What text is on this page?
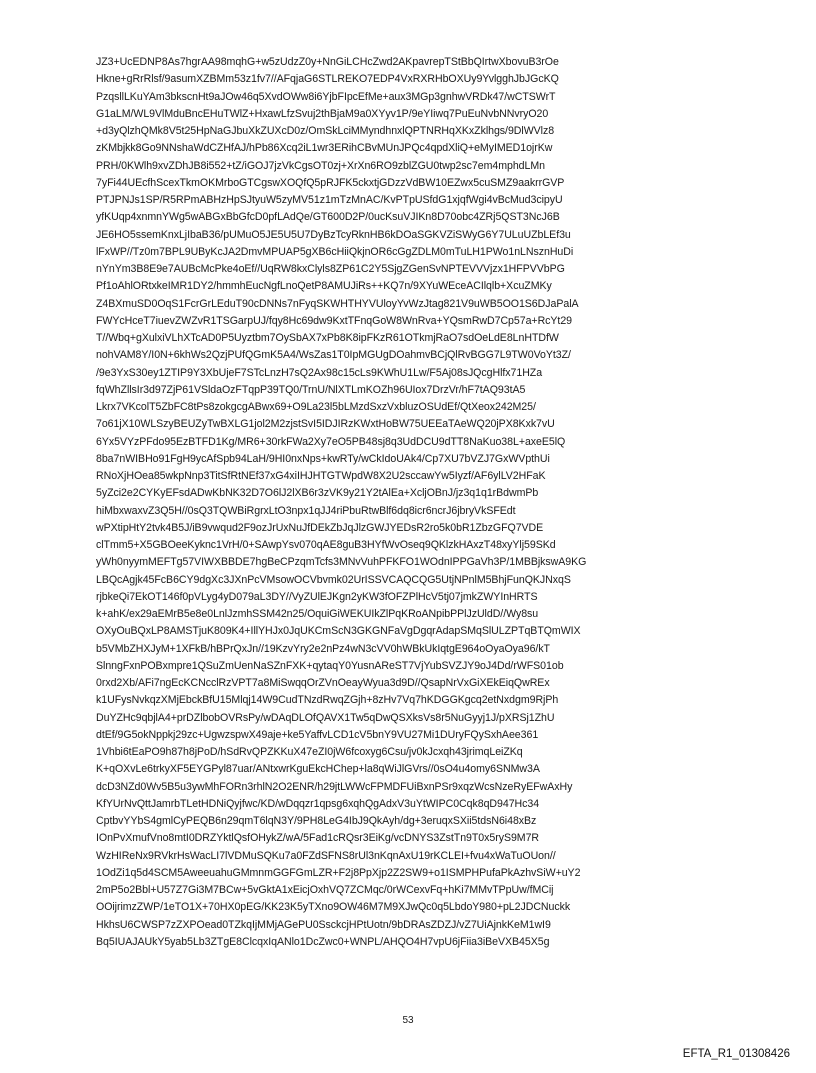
JZ3+UcEDNP8As7hgrAA98mqhG+w5zUdzZ0y+NnGiLCHcZwd2AKpavrepTStBbQIrtwXbovuB3rOe
Hkne+gRrRlsf/9asumXZBMm53z1fv7//AFqjaG6STLREKO7EDP4VxRXRHbOXUy9YvlgghJbJGcKQ
PzqsllLKuYAm3bkscnHt9aJOw46q5XvdOWw8i6YjbFIpcEfMe+aux3MGp3gnhwVRDk47/wCTSWrT
G1aLM/WL9VlMduBncEHuTWlZ+HxawLfzSvuj2thBjaM9a0XYyv1P/9eYIiwq7PuEuNvbNNvryO20
+d3yQlzhQMk8V5t25HpNaGJbuXkZUXcD0z/OmSkLciMMyndhnxlQPTNRHqXKxZklhgs/9DlWVlz8
zKMbjkk8Go9NNshaWdCZHfAJ/hPb86Xcq2iL1wr3ERihCBvMUnJPQc4qpdXliQ+eMyIMED1ojrKw
PRH/0KWlh9xvZDhJB8i552+tZ/iGOJ7jzVkCgsOT0zj+XrXn6RO9zblZGU0twp2sc7em4mphdLMn
7yFi44UEcfhScexTkmOKMrboGTCgswXOQfQ5pRJFK5ckxtjGDzzVdBW10EZwx5cuSMZ9aakrrGVP
PTJPNJs1SP/R5RPmABHzHpSJtyuW5zyMV51z1mTzMnAC/KvPTpUSfdG1xjqfWgi4vBcMud3cipyU
yfKUqp4xnmnYWg5wABGxBbGfcD0pfLAdQe/GT600D2P/0ucKsuVJIKn8D70obc4ZRj5QST3NcJ6B
JE6HO5ssemKnxLjIbaB36/pUMuO5JE5U5U7DyBzTcyRknHB6kDOaSGKVZiSWyG6Y7ULuUZbLEf3u
lFxWP//Tz0m7BPL9UByKcJA2DmvMPUAP5gXB6cHiiQkjnOR6cGgZDLM0mTuLH1PWo1nLNsznHuDi
nYnYm3B8E9e7AUBcMcPke4oEf//UqRW8kxClyls8ZP61C2Y5SjgZGenSvNPTEVVVjzx1HFPVVbPG
Pf1oAhlORtxkeIMR1DY2/hmmhEucNgfLnoQetP8AMUJiRs++KQ7n/9XYuWEceACIlqlb+XcuZMKy
Z4BXmuSD0OqS1FcrGrLEduT90cDNNs7nFyqSKWHTHYVUloyYvWzJtag821V9uWB5OO1S6DJaPalA
FWYcHceT7iuevZWZvR1TSGarpUJ/fqy8Hc69dw9KxtTFnqGoW8WnRva+YQsmRwD7Cp57a+RcYt29
T//Wbq+gXulxiVLhXTcAD0P5Uyztbm7OySbAX7xPb8K8ipFKzR61OTkmjRaO7sdOeLdE8LnHTDfW
nohVAM8Y/I0N+6khWs2QzjPUfQGmK5A4/WsZas1T0IpMGUgDOahmvBCjQlRvBGG7L9TW0VoYt3Z/
/9e3YxS30ey1ZTIP9Y3XbUjeF7STcLnzH7sQ2Ax98c15cLs9KWhU1Lw/F5Aj08sJQcgHlfx71HZa
fqWhZllsIr3d97ZjP61VSldaOzFTqpP39TQ0/TrnU/NlXTLmKOZh96UIox7DrzVr/hF7tAQ93tA5
Lkrx7VKcolT5ZbFC8tPs8zokgcgABwx69+O9La23l5bLMzdSxzVxbluzOSUdEf/QtXeox242M25/
7o61jX10WLSzyBEUZyTwBXLG1jol2M2zjstSvI5IDJIRzKWxtHoBW75UEEaTAeWQ20jPX8Kxk7vU
6Yx5VYzPFdo95EzBTFD1Kg/MR6+30rkFWa2Xy7eO5PB48sj8q3UdDCU9dTT8NaKuo38L+axeE5lQ
8ba7nWIBHo91FgH9ycAfSpb94LaH/9HI0nxNps+kwRTy/wCkIdoUAk4/Cp7XU7bVZJ7GxWVpthUi
RNoXjHOea85wkpNnp3TitSfRtNEf37xG4xiIHJHTGTWpdW8X2U2sccawYw5Iyzf/AF6ylLV2HFaK
5yZci2e2CYKyEFsdADwKbNK32D7O6lJ2lXB6r3zVK9y21Y2tAlEa+XcljOBnJ/jz3q1q1rBdwmPb
hiMbxwaxvZ3Q5H//0sQ3TQWBiRgrxLtO3npx1qJJ4riPbuRtwBlf6dq8icr6ncrJ6jbryVkSFEdt
wPXtipHtY2tvk4B5J/iB9vwqud2F9ozJrUxNuJfDEkZbJqJlzGWJYEDsR2ro5k0bR1ZbzGFQ7VDE
clTmm5+X5GBOeeKyknc1VrH/0+SAwpYsv070qAE8guB3HYfWvOseq9QKlzkHAxzT48xyYlj59SKd
yWh0nyymMEFTg57VIWXBBDE7hgBeCPzqmTcfs3MNvVuhPFKFO1WOdnIPPGaVh3P/1MBBjkswA9KG
LBQcAgjk45FcB6CY9dgXc3JXnPcVMsowOCVbvmk02UrISSVCAQCQG5UtjNPnlM5BhjFunQKJNxqS
rjbkeQi7EkOT146f0pVLyg4yD079aL3DY//VyZUlEJKgn2yKW3fOFZPlHcV5tj07jmkZWYInHRTS
k+ahK/ex29aEMrB5e8e0LnlJzmhSSM42n25/OquiGiWEKUIkZlPqKRoANpibPPlJzUldD//Wy8su
OXyOuBQxLP8AMSTjuK809K4+IllYHJx0JqUKCmScN3GKGNFaVgDgqrAdapSMqSlULZPTqBTQmWIX
b5VMbZHXJyM+1XFkB/hBPrQxJn//19KzvYry2e2nPz4wN3cVV0hWBkUkIqtgE964oOyaOya96/kT
SlnngFxnPOBxmpre1QSuZmUenNaSZnFXK+qytaqY0YusnAReST7VjYubSVZJY9oJ4Dd/rWFS01ob
0rxd2Xb/AFi7ngEcKCNcclRzVPT7a8MiSwqqOrZVnOeayWyua3d9D//QsapNrVxGiXEkEiqQwREx
k1UFysNvkqzXMjEbckBfU15Mlqj14W9CudTNzdRwqZGjh+8zHv7Vq7hKDGGKgcq2etNxdgm9RjPh
DuYZHc9qbjlA4+prDZlbobOVRsPy/wDAqDLOfQAVX1Tw5qDwQSXksVs8r5NuGyyj1J/pXRSj1ZhU
dtEf/9G5okNppkj29zc+UgwzspwX49aje+ke5YaffvLCD1cV5bnY9VU27Mi1DUryFQySxhAee361
1Vhbi6tEaPO9h87h8jPoD/hSdRvQPZKKuX47eZI0jW6fcoxyg6Csu/jv0kJcxqh43jrimqLeiZKq
K+qOXvLe6trkyXF5EYGPyl87uar/ANtxwrKguEkcHChep+la8qWiJlGVrs//0sO4u4omy6SNMw3A
dcD3NZd0Wv5B5u3ywMhFORn3rhlN2O2ENR/h29jtLWWcFPMDFUiBxnPSr9xqzWcsNzeRyEFwAxHy
KfYUrNvQttJamrbTLetHDNiQyjfwc/KD/wDqqzr1qpsg6xqhQgAdxV3uYtWIPC0Cqk8qD947Hc34
CptbvYYbS4gmlCyPEQB6n29qmT6lqN3Y/9PH8LeG4IbJ9QkAyh/dg+3eruqxSXii5tdsN6i48xBz
IOnPvXmufVno8mtI0DRZYktlQsfOHykZ/wA/5Fad1cRQsr3EiKg/vcDNYS3ZstTn9T0x5ryS9M7R
WzHIReNx9RVkrHsWacLI7lVDMuSQKu7a0FZdSFNS8rUl3nKqnAxU19rKCLEI+fvu4xWaTuOUon//
1OdZi1q5d4SCM5AweeuahuGMmnmGGFGmLZR+F2j8PpXjp2Z2SW9+o1ISMPHPufaPkAzhvSiW+uY2
2mP5o2Bbl+U57Z7Gi3M7BCw+5vGktA1xEicjOxhVQ7ZCMqc/0rWCexvFq+hKi7MMvTPpUw/fMCij
OOijrimzZWP/1eTO1X+70HX0pEG/KK23K5yTXno9OW46M7M9XJwQc0q5LbdoY980+pL2JDCNuckk
HkhsU6CWSP7zZXPOead0TZkqIjMMjAGePU0SsckcjHPtUotn/9bDRAsZDZJ/vZ7UiAjnkKeM1wI9
Bq5IUAJAUkY5yab5Lb3ZTgE8ClcqxIqANlo1DcZwc0+WNPL/AHQO4H7vpU6jFiia3iBeVXB45X5g
53
EFTA_R1_01308426
